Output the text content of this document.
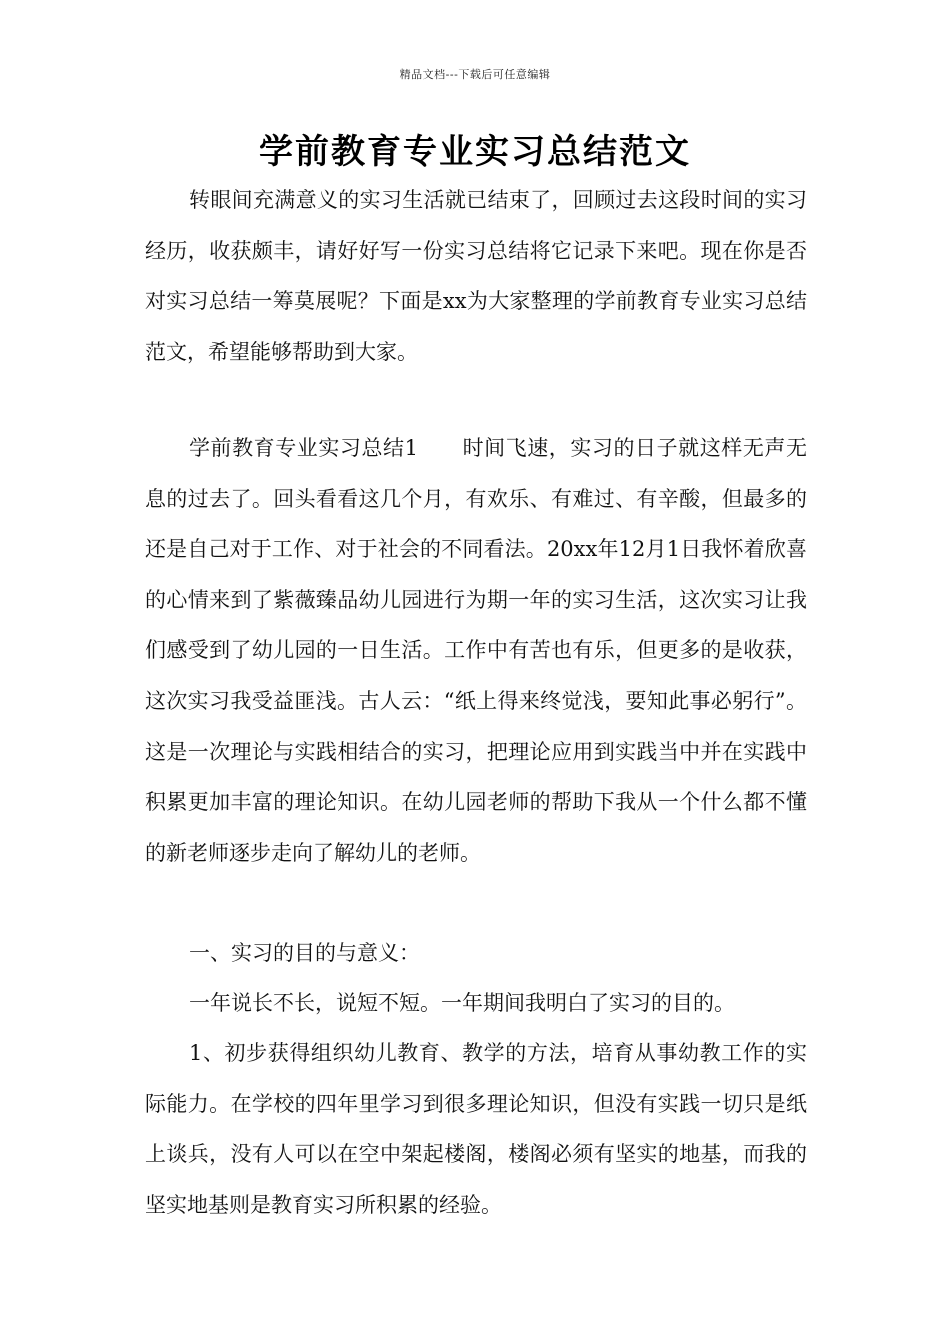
精品文档---下载后可任意编辑
学前教育专业实习总结范文

转眼间充满意义的实习生活就已结束了，回顾过去这段时间的实习经历，收获颇丰，请好好写一份实习总结将它记录下来吧。现在你是否对实习总结一筹莫展呢？下面是xx为大家整理的学前教育专业实习总结范文，希望能够帮助到大家。

学前教育专业实习总结1 时间飞速，实习的日子就这样无声无息的过去了。回头看看这几个月，有欢乐、有难过、有辛酸，但最多的还是自己对于工作、对于社会的不同看法。20xx年12月1日我怀着欣喜的心情来到了紫薇臻品幼儿园进行为期一年的实习生活，这次实习让我们感受到了幼儿园的一日生活。工作中有苦也有乐，但更多的是收获，这次实习我受益匪浅。古人云：“纸上得来终觉浅，要知此事必躬行”。这是一次理论与实践相结合的实习，把理论应用到实践当中并在实践中积累更加丰富的理论知识。在幼儿园老师的帮助下我从一个什么都不懂的新老师逐步走向了解幼儿的老师。

一、实习的目的与意义：

一年说长不长，说短不短。一年期间我明白了实习的目的。

1、初步获得组织幼儿教育、教学的方法，培育从事幼教工作的实际能力。在学校的四年里学习到很多理论知识，但没有实践一切只是纸上谈兵，没有人可以在空中架起楼阁，楼阁必须有坚实的地基，而我的坚实地基则是教育实习所积累的经验。
